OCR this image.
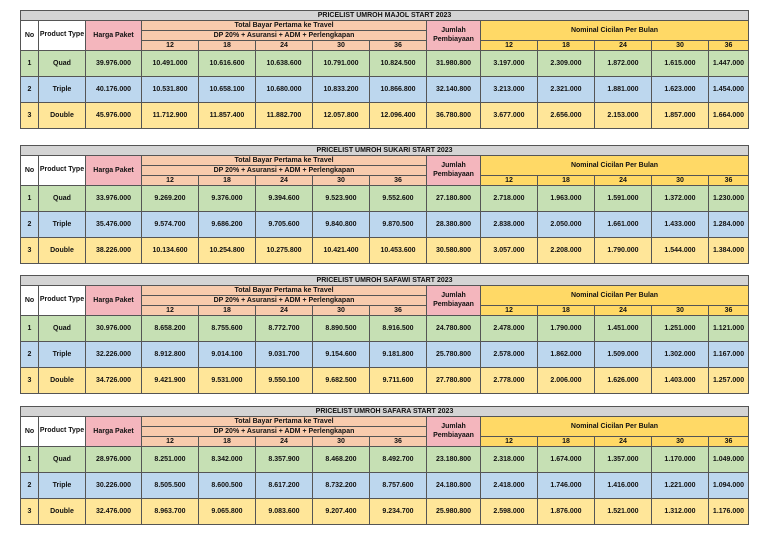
PRICELIST UMROH MAJOL START 2023													
No	Product Type	Harga Paket	Total Bayar Pertama ke Travel					Jumlah Pembiayaan	Nominal Cicilan Per Bulan				
			DP 20% + Asuransi + ADM + Perlengkapan										
			12	18	24	30	36		12	18	24	30	36
1	Quad	39.976.000	10.491.000	10.616.600	10.638.600	10.791.000	10.824.500	31.980.800	3.197.000	2.309.000	1.872.000	1.615.000	1.447.000
2	Triple	40.176.000	10.531.800	10.658.100	10.680.000	10.833.200	10.866.800	32.140.800	3.213.000	2.321.000	1.881.000	1.623.000	1.454.000
3	Double	45.976.000	11.712.900	11.857.400	11.882.700	12.057.800	12.096.400	36.780.800	3.677.000	2.656.000	2.153.000	1.857.000	1.664.000
PRICELIST UMROH SUKARI START 2023													
No	Product Type	Harga Paket	Total Bayar Pertama ke Travel					Jumlah Pembiayaan	Nominal Cicilan Per Bulan				
			DP 20% + Asuransi + ADM + Perlengkapan										
			12	18	24	30	36		12	18	24	30	36
1	Quad	33.976.000	9.269.200	9.376.000	9.394.600	9.523.900	9.552.600	27.180.800	2.718.000	1.963.000	1.591.000	1.372.000	1.230.000
2	Triple	35.476.000	9.574.700	9.686.200	9.705.600	9.840.800	9.870.500	28.380.800	2.838.000	2.050.000	1.661.000	1.433.000	1.284.000
3	Double	38.226.000	10.134.600	10.254.800	10.275.800	10.421.400	10.453.600	30.580.800	3.057.000	2.208.000	1.790.000	1.544.000	1.384.000
PRICELIST UMROH SAFAWI START 2023													
No	Product Type	Harga Paket	Total Bayar Pertama ke Travel					Jumlah Pembiayaan	Nominal Cicilan Per Bulan				
			DP 20% + Asuransi + ADM + Perlengkapan										
			12	18	24	30	36		12	18	24	30	36
1	Quad	30.976.000	8.658.200	8.755.600	8.772.700	8.890.500	8.916.500	24.780.800	2.478.000	1.790.000	1.451.000	1.251.000	1.121.000
2	Triple	32.226.000	8.912.800	9.014.100	9.031.700	9.154.600	9.181.800	25.780.800	2.578.000	1.862.000	1.509.000	1.302.000	1.167.000
3	Double	34.726.000	9.421.900	9.531.000	9.550.100	9.682.500	9.711.600	27.780.800	2.778.000	2.006.000	1.626.000	1.403.000	1.257.000
PRICELIST UMROH SAFARA START 2023													
No	Product Type	Harga Paket	Total Bayar Pertama ke Travel					Jumlah Pembiayaan	Nominal Cicilan Per Bulan				
			DP 20% + Asuransi + ADM + Perlengkapan										
			12	18	24	30	36		12	18	24	30	36
1	Quad	28.976.000	8.251.000	8.342.000	8.357.900	8.468.200	8.492.700	23.180.800	2.318.000	1.674.000	1.357.000	1.170.000	1.049.000
2	Triple	30.226.000	8.505.500	8.600.500	8.617.200	8.732.200	8.757.600	24.180.800	2.418.000	1.746.000	1.416.000	1.221.000	1.094.000
3	Double	32.476.000	8.963.700	9.065.800	9.083.600	9.207.400	9.234.700	25.980.800	2.598.000	1.876.000	1.521.000	1.312.000	1.176.000
